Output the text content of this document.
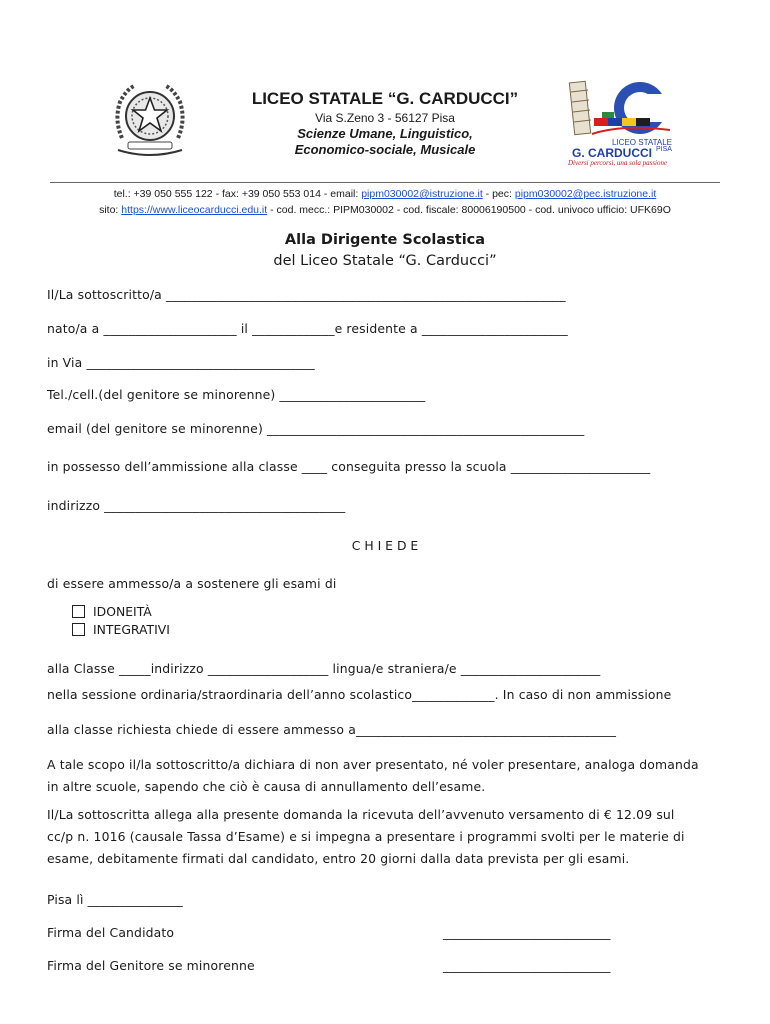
LICEO STATALE “G. CARDUCCI”
Via S.Zeno 3 - 56127 Pisa
Scienze Umane, Linguistico,
Economico-sociale, Musicale	LICEO STATALE
G. CARDUCCI PISA
Diversi percorsi, una sola passione
tel.: +39 050 555 122 - fax: +39 050 553 014 - email: pipm030002@istruzione.it - pec: pipm030002@pec.istruzione.it
sito: https://www.liceocarducci.edu.it - cod. mecc.: PIPM030002 - cod. fiscale: 80006190500 - cod. univoco ufficio: UFK69O
Alla Dirigente Scolastica
del Liceo Statale “G. Carducci”
Il/La sottoscritto/a _______________________________________________________________
nato/a a _____________________ il _____________e residente a _______________________
in Via ____________________________________
Tel./cell.(del genitore se minorenne) _______________________
email (del genitore se minorenne) __________________________________________________
in possesso dell’ammissione alla classe ____ conseguita presso la scuola ______________________
indirizzo ______________________________________
C H I E D E
di essere ammesso/a a sostenere gli esami di
IDONEITÀ
INTEGRATIVI
alla Classe _____indirizzo ___________________ lingua/e straniera/e ______________________
nella sessione ordinaria/straordinaria dell’anno scolastico_____________. In caso di non ammissione
alla classe richiesta chiede di essere ammesso a_________________________________________
A tale scopo il/la sottoscritto/a dichiara di non aver presentato, né voler presentare, analoga domanda
in altre scuole, sapendo che ciò è causa di annullamento dell’esame.
Il/La sottoscritta allega alla presente domanda la ricevuta dell’avvenuto versamento di € 12.09 sul
cc/p n. 1016 (causale Tassa d’Esame) e si impegna a presentare i programmi svolti per le materie di
esame, debitamente firmati dal candidato, entro 20 giorni dalla data prevista per gli esami.
Pisa lì _______________
Firma del Candidato	___________________________
Firma del Genitore se minorenne	___________________________
